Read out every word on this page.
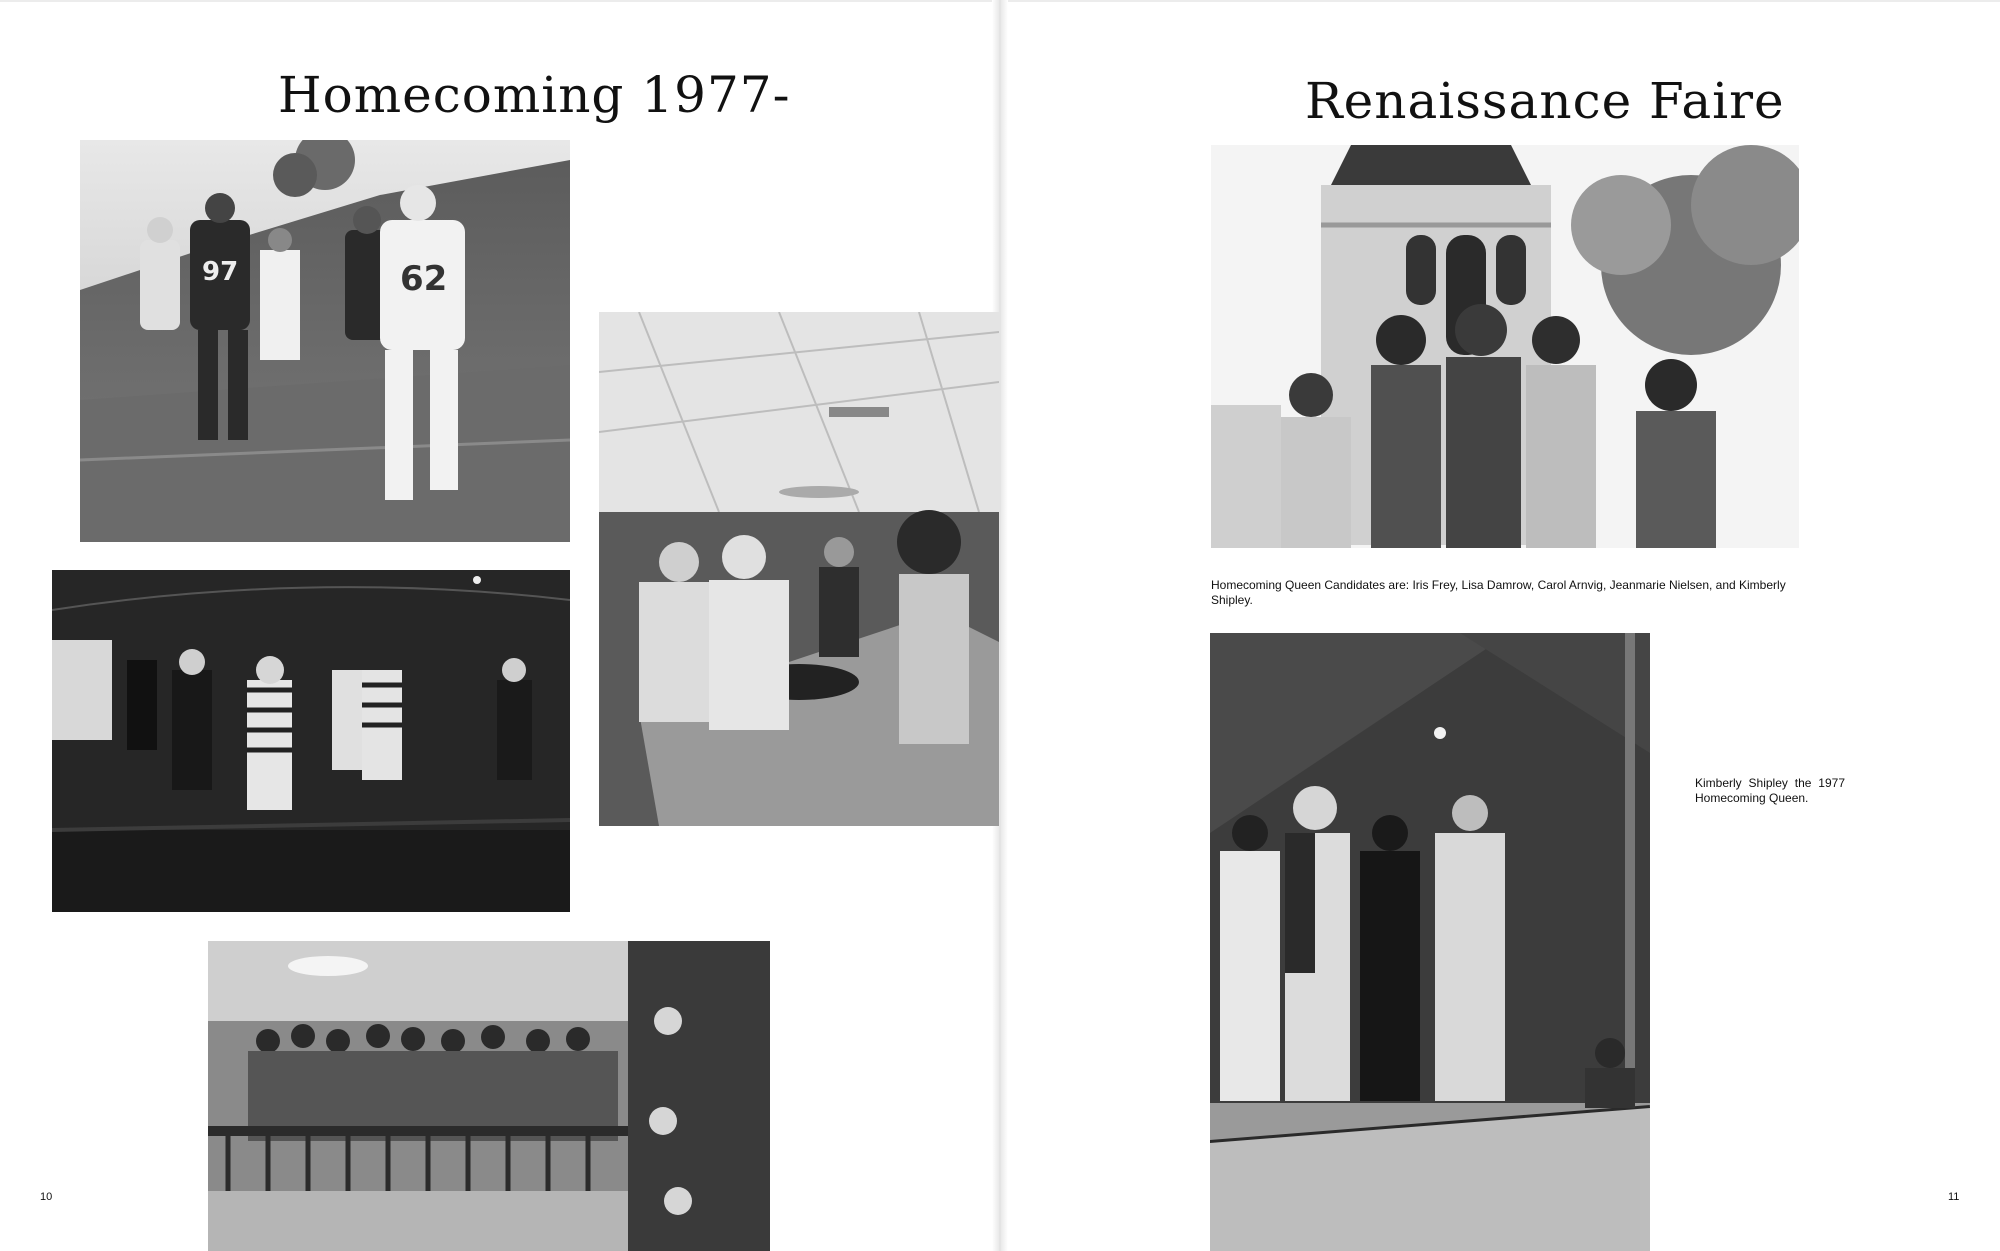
Homecoming 1977-
97	62
10
Renaissance Faire

Homecoming Queen Candidates are: Iris Frey, Lisa Damrow, Carol Arnvig, Jeanmarie Nielsen, and Kimberly Shipley.

Kimberly Shipley the 1977 Homecoming Queen.

11
